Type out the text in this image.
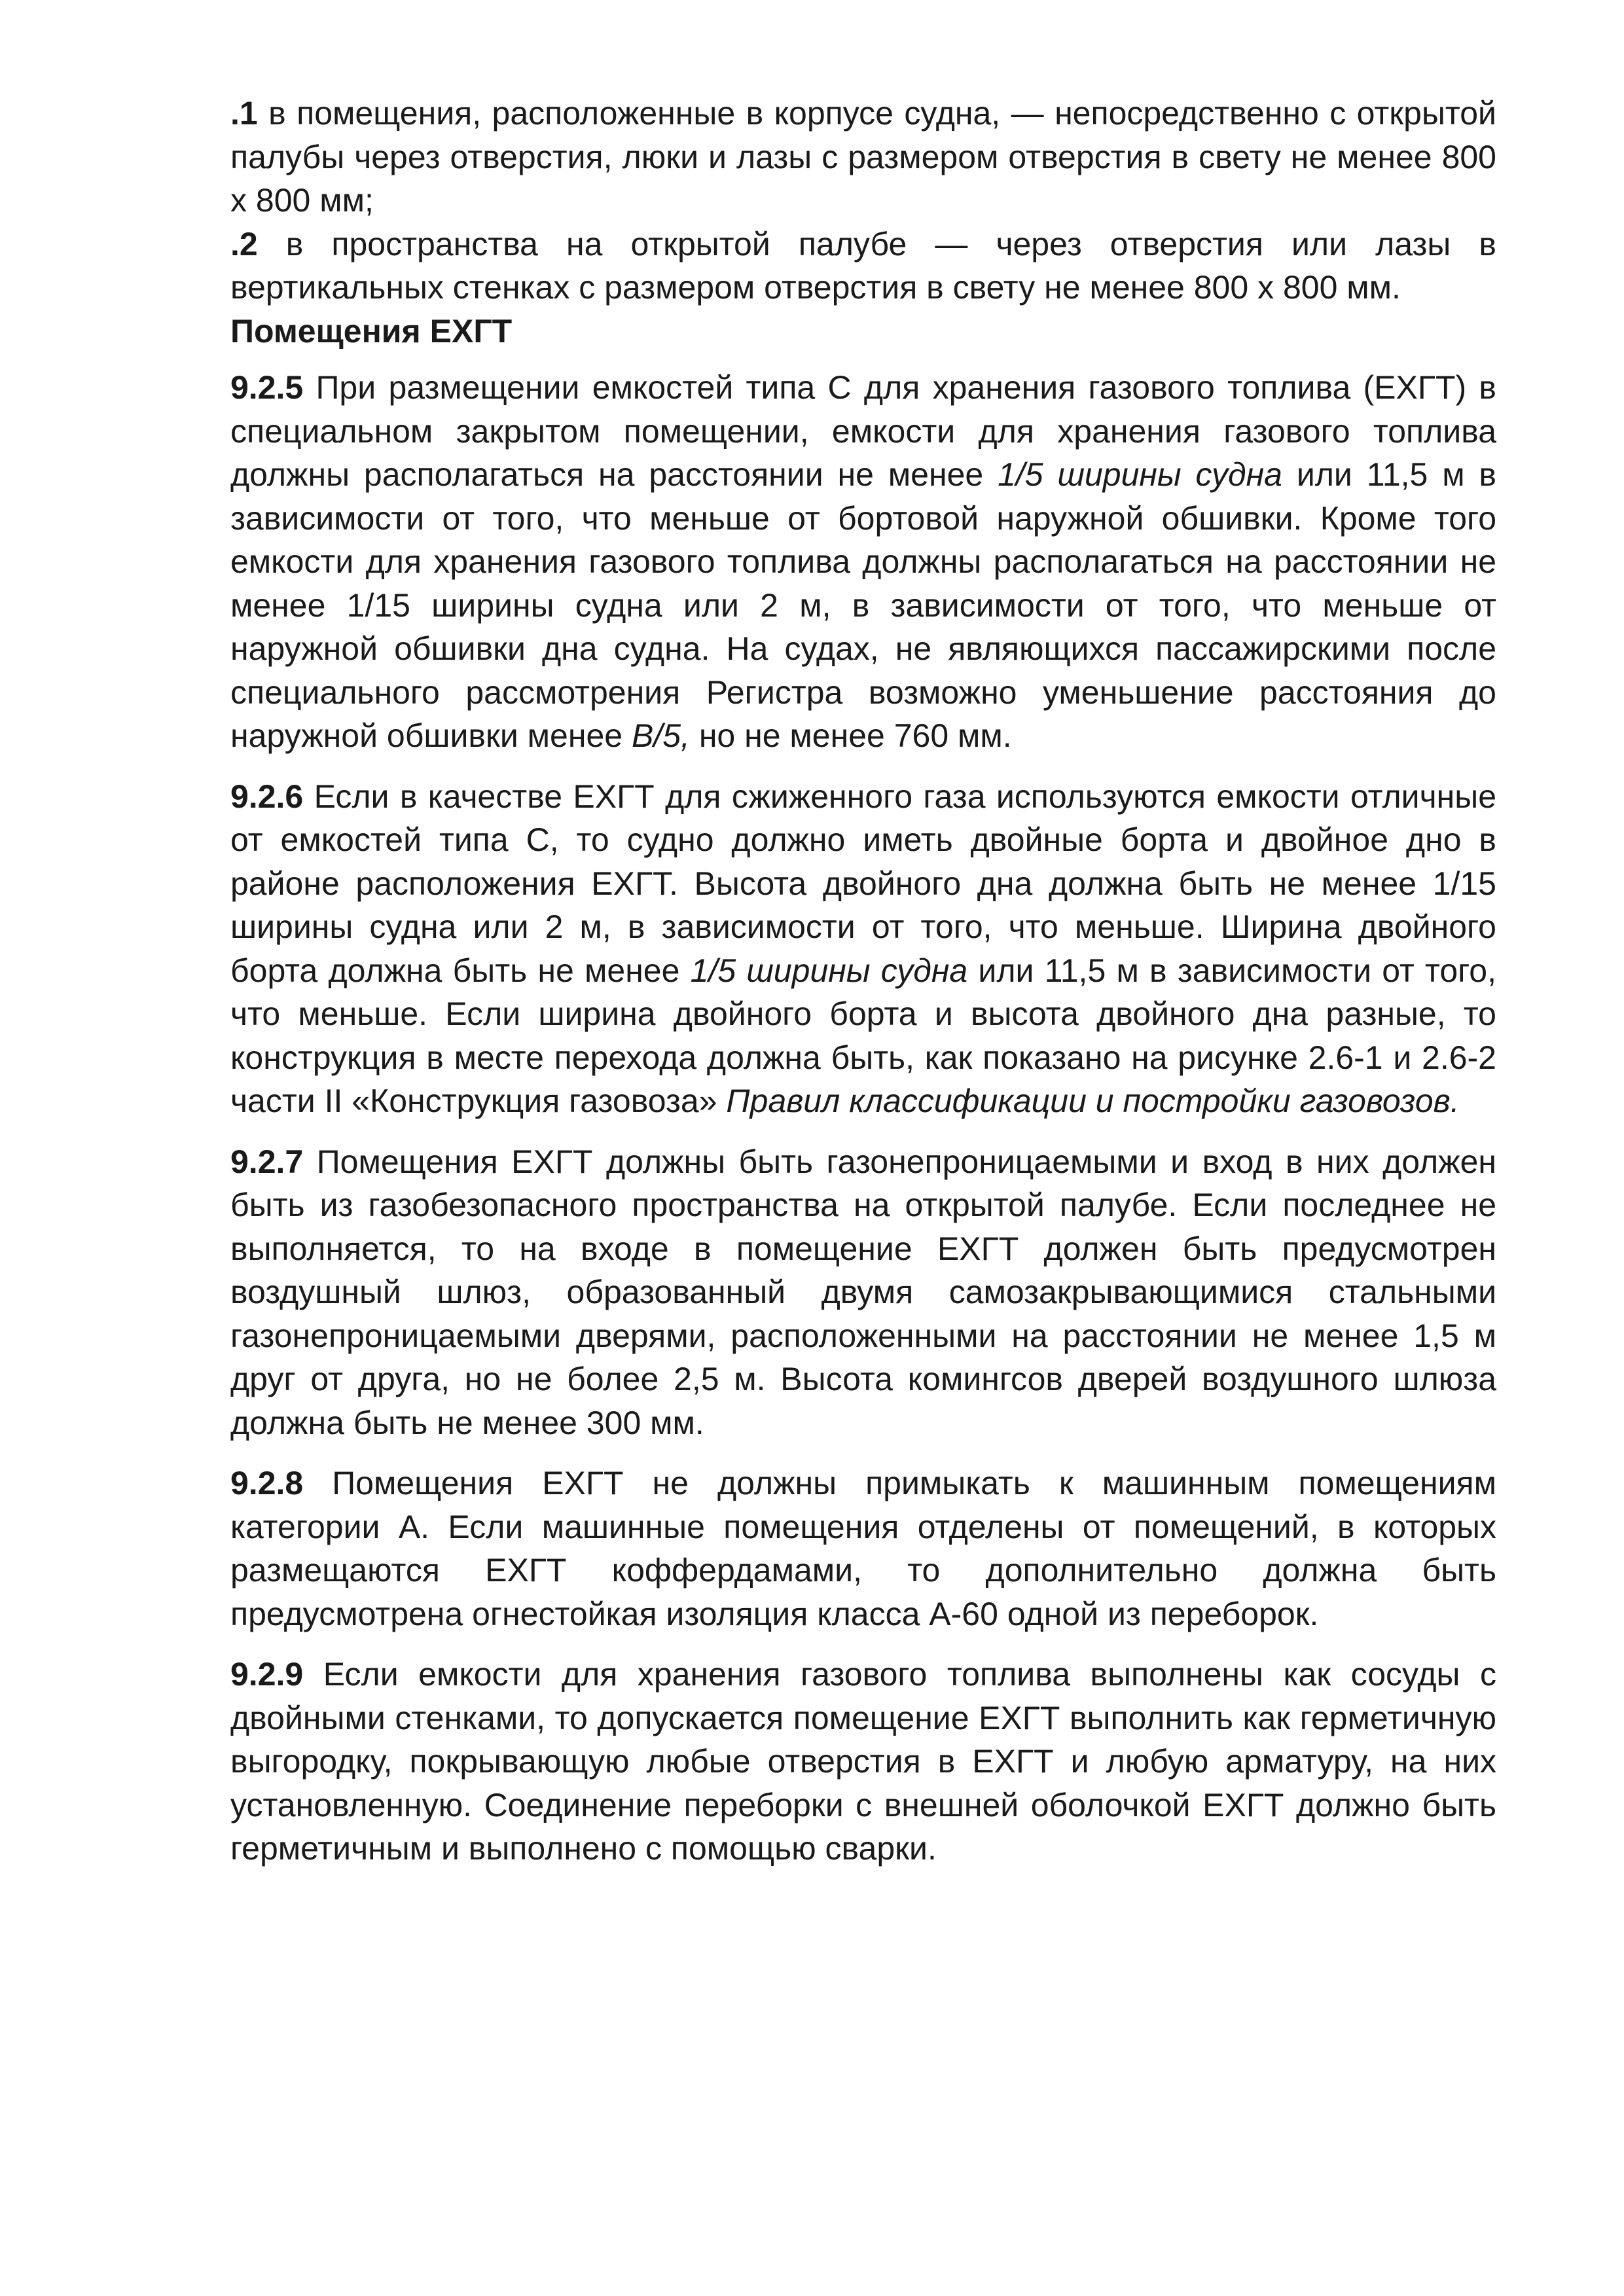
.1 в помещения, расположенные в корпусе судна, — непосредственно с открытой палубы через отверстия, люки и лазы с размером отверстия в свету не менее 800 х 800 мм;

.2 в пространства на открытой палубе — через отверстия или лазы в вертикальных стенках с размером отверстия в свету не менее 800 х 800 мм.

Помещения ЕХГТ

9.2.5 При размещении емкостей типа С для хранения газового топлива (ЕХГТ) в специальном закрытом помещении, емкости для хранения газового топлива должны располагаться на расстоянии не менее 1/5 ширины судна или 11,5 м в зависимости от того, что меньше от бортовой наружной обшивки. Кроме того емкости для хранения газового топлива должны располагаться на расстоянии не менее 1/15 ширины судна или 2 м, в зависимости от того, что меньше от наружной обшивки дна судна. На судах, не являющихся пассажирскими после специального рассмотрения Регистра возможно уменьшение расстояния до наружной обшивки менее B/5, но не менее 760 мм.

9.2.6 Если в качестве ЕХГТ для сжиженного газа используются емкости отличные от емкостей типа С, то судно должно иметь двойные борта и двойное дно в районе расположения ЕХГТ. Высота двойного дна должна быть не менее 1/15 ширины судна или 2 м, в зависимости от того, что меньше. Ширина двойного борта должна быть не менее 1/5 ширины судна или 11,5 м в зависимости от того, что меньше. Если ширина двойного борта и высота двойного дна разные, то конструкция в месте перехода должна быть, как показано на рисунке 2.6-1 и 2.6-2 части II «Конструкция газовоза» Правил классификации и постройки газовозов.

9.2.7 Помещения ЕХГТ должны быть газонепроницаемыми и вход в них должен быть из газобезопасного пространства на открытой палубе. Если последнее не выполняется, то на входе в помещение ЕХГТ должен быть предусмотрен воздушный шлюз, образованный двумя самозакрывающимися стальными газонепроницаемыми дверями, расположенными на расстоянии не менее 1,5 м друг от друга, но не более 2,5 м. Высота комингсов дверей воздушного шлюза должна быть не менее 300 мм.

9.2.8 Помещения ЕХГТ не должны примыкать к машинным помещениям категории А. Если машинные помещения отделены от помещений, в которых размещаются ЕХГТ коффердамами, то дополнительно должна быть предусмотрена огнестойкая изоляция класса А-60 одной из переборок.

9.2.9 Если емкости для хранения газового топлива выполнены как сосуды с двойными стенками, то допускается помещение ЕХГТ выполнить как герметичную выгородку, покрывающую любые отверстия в ЕХГТ и любую арматуру, на них установленную. Соединение переборки с внешней оболочкой ЕХГТ должно быть герметичным и выполнено с помощью сварки.
